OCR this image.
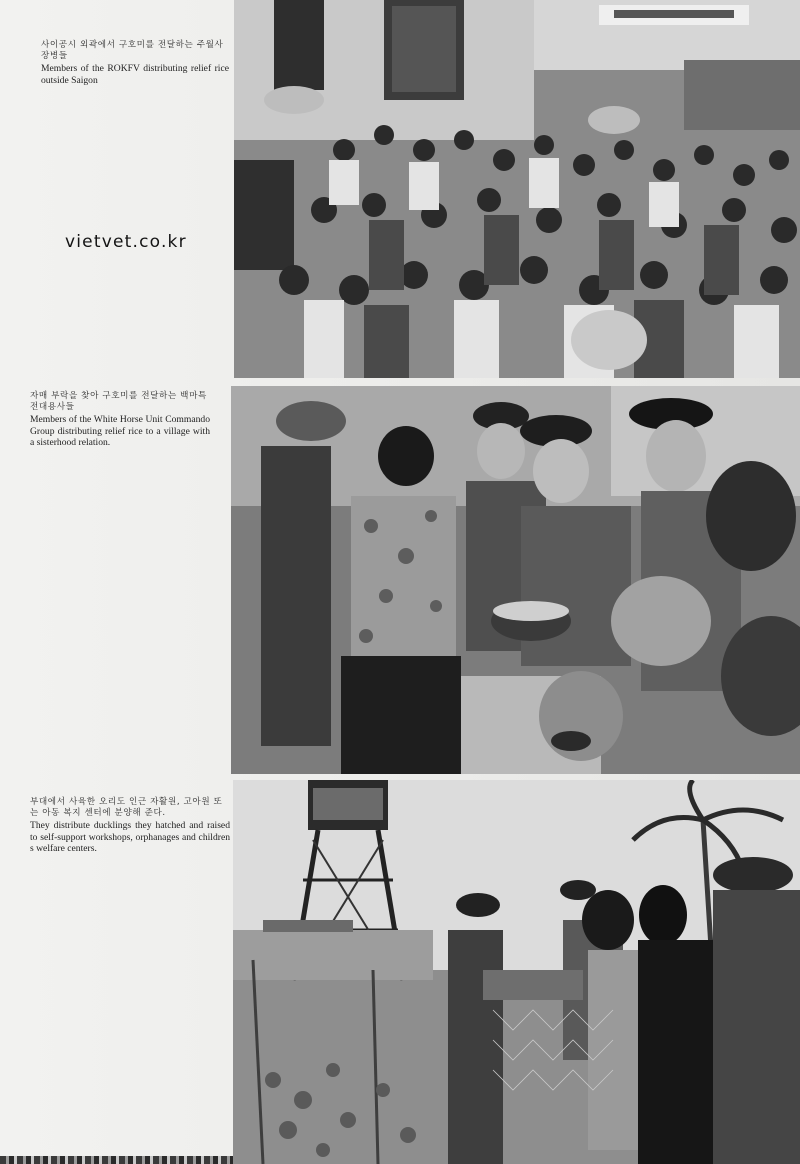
사이공시 외곽에서 구호미를 전달하는 주월사 장병들
Members of the ROKFV distributing relief rice outside Saigon
vietvet.co.kr
자매 부락을 찾아 구호미를 전달하는 백마특전대용사들
Members of the White Horse Unit Commando Group distributing relief rice to a village with a sisterhood relation.
부대에서 사육한 오리도 인근 자활원, 고아원 또는 아동 복지 센터에 분양해 준다.
They distribute ducklings they hatched and raised to self-support workshops, orphanages and children s welfare centers.
